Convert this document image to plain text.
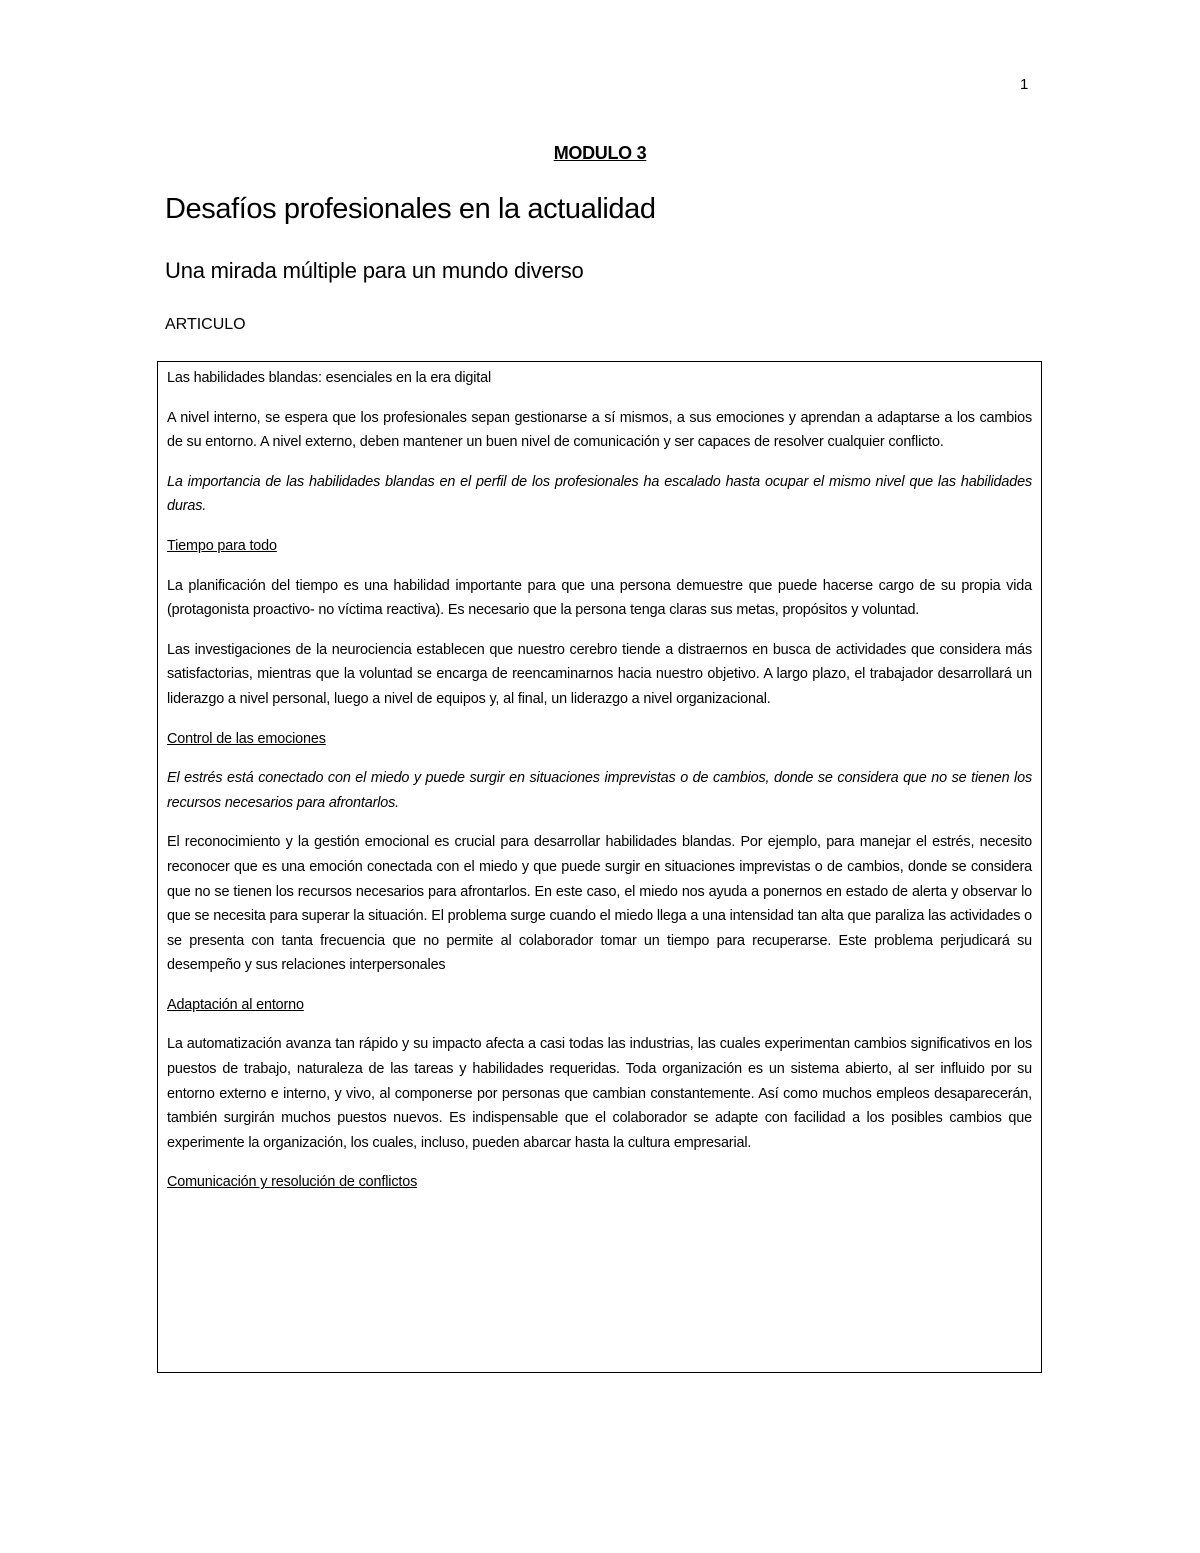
1
MODULO 3
Desafíos profesionales en la actualidad
Una mirada múltiple para un mundo diverso
ARTICULO

Las habilidades blandas: esenciales en la era digital

A nivel interno, se espera que los profesionales sepan gestionarse a sí mismos, a sus emociones y aprendan a adaptarse a los cambios de su entorno. A nivel externo, deben mantener un buen nivel de comunicación y ser capaces de resolver cualquier conflicto.

La importancia de las habilidades blandas en el perfil de los profesionales ha escalado hasta ocupar el mismo nivel que las habilidades duras.

Tiempo para todo

La planificación del tiempo es una habilidad importante para que una persona demuestre que puede hacerse cargo de su propia vida (protagonista proactivo- no víctima reactiva). Es necesario que la persona tenga claras sus metas, propósitos y voluntad.

Las investigaciones de la neurociencia establecen que nuestro cerebro tiende a distraernos en busca de actividades que considera más satisfactorias, mientras que la voluntad se encarga de reencaminarnos hacia nuestro objetivo. A largo plazo, el trabajador desarrollará un liderazgo a nivel personal, luego a nivel de equipos y, al final, un liderazgo a nivel organizacional.

Control de las emociones

El estrés está conectado con el miedo y puede surgir en situaciones imprevistas o de cambios, donde se considera que no se tienen los recursos necesarios para afrontarlos.

El reconocimiento y la gestión emocional es crucial para desarrollar habilidades blandas. Por ejemplo, para manejar el estrés, necesito reconocer que es una emoción conectada con el miedo y que puede surgir en situaciones imprevistas o de cambios, donde se considera que no se tienen los recursos necesarios para afrontarlos. En este caso, el miedo nos ayuda a ponernos en estado de alerta y observar lo que se necesita para superar la situación. El problema surge cuando el miedo llega a una intensidad tan alta que paraliza las actividades o se presenta con tanta frecuencia que no permite al colaborador tomar un tiempo para recuperarse. Este problema perjudicará su desempeño y sus relaciones interpersonales

Adaptación al entorno

La automatización avanza tan rápido y su impacto afecta a casi todas las industrias, las cuales experimentan cambios significativos en los puestos de trabajo, naturaleza de las tareas y habilidades requeridas. Toda organización es un sistema abierto, al ser influido por su entorno externo e interno, y vivo, al componerse por personas que cambian constantemente. Así como muchos empleos desaparecerán, también surgirán muchos puestos nuevos. Es indispensable que el colaborador se adapte con facilidad a los posibles cambios que experimente la organización, los cuales, incluso, pueden abarcar hasta la cultura empresarial.

Comunicación y resolución de conflictos
